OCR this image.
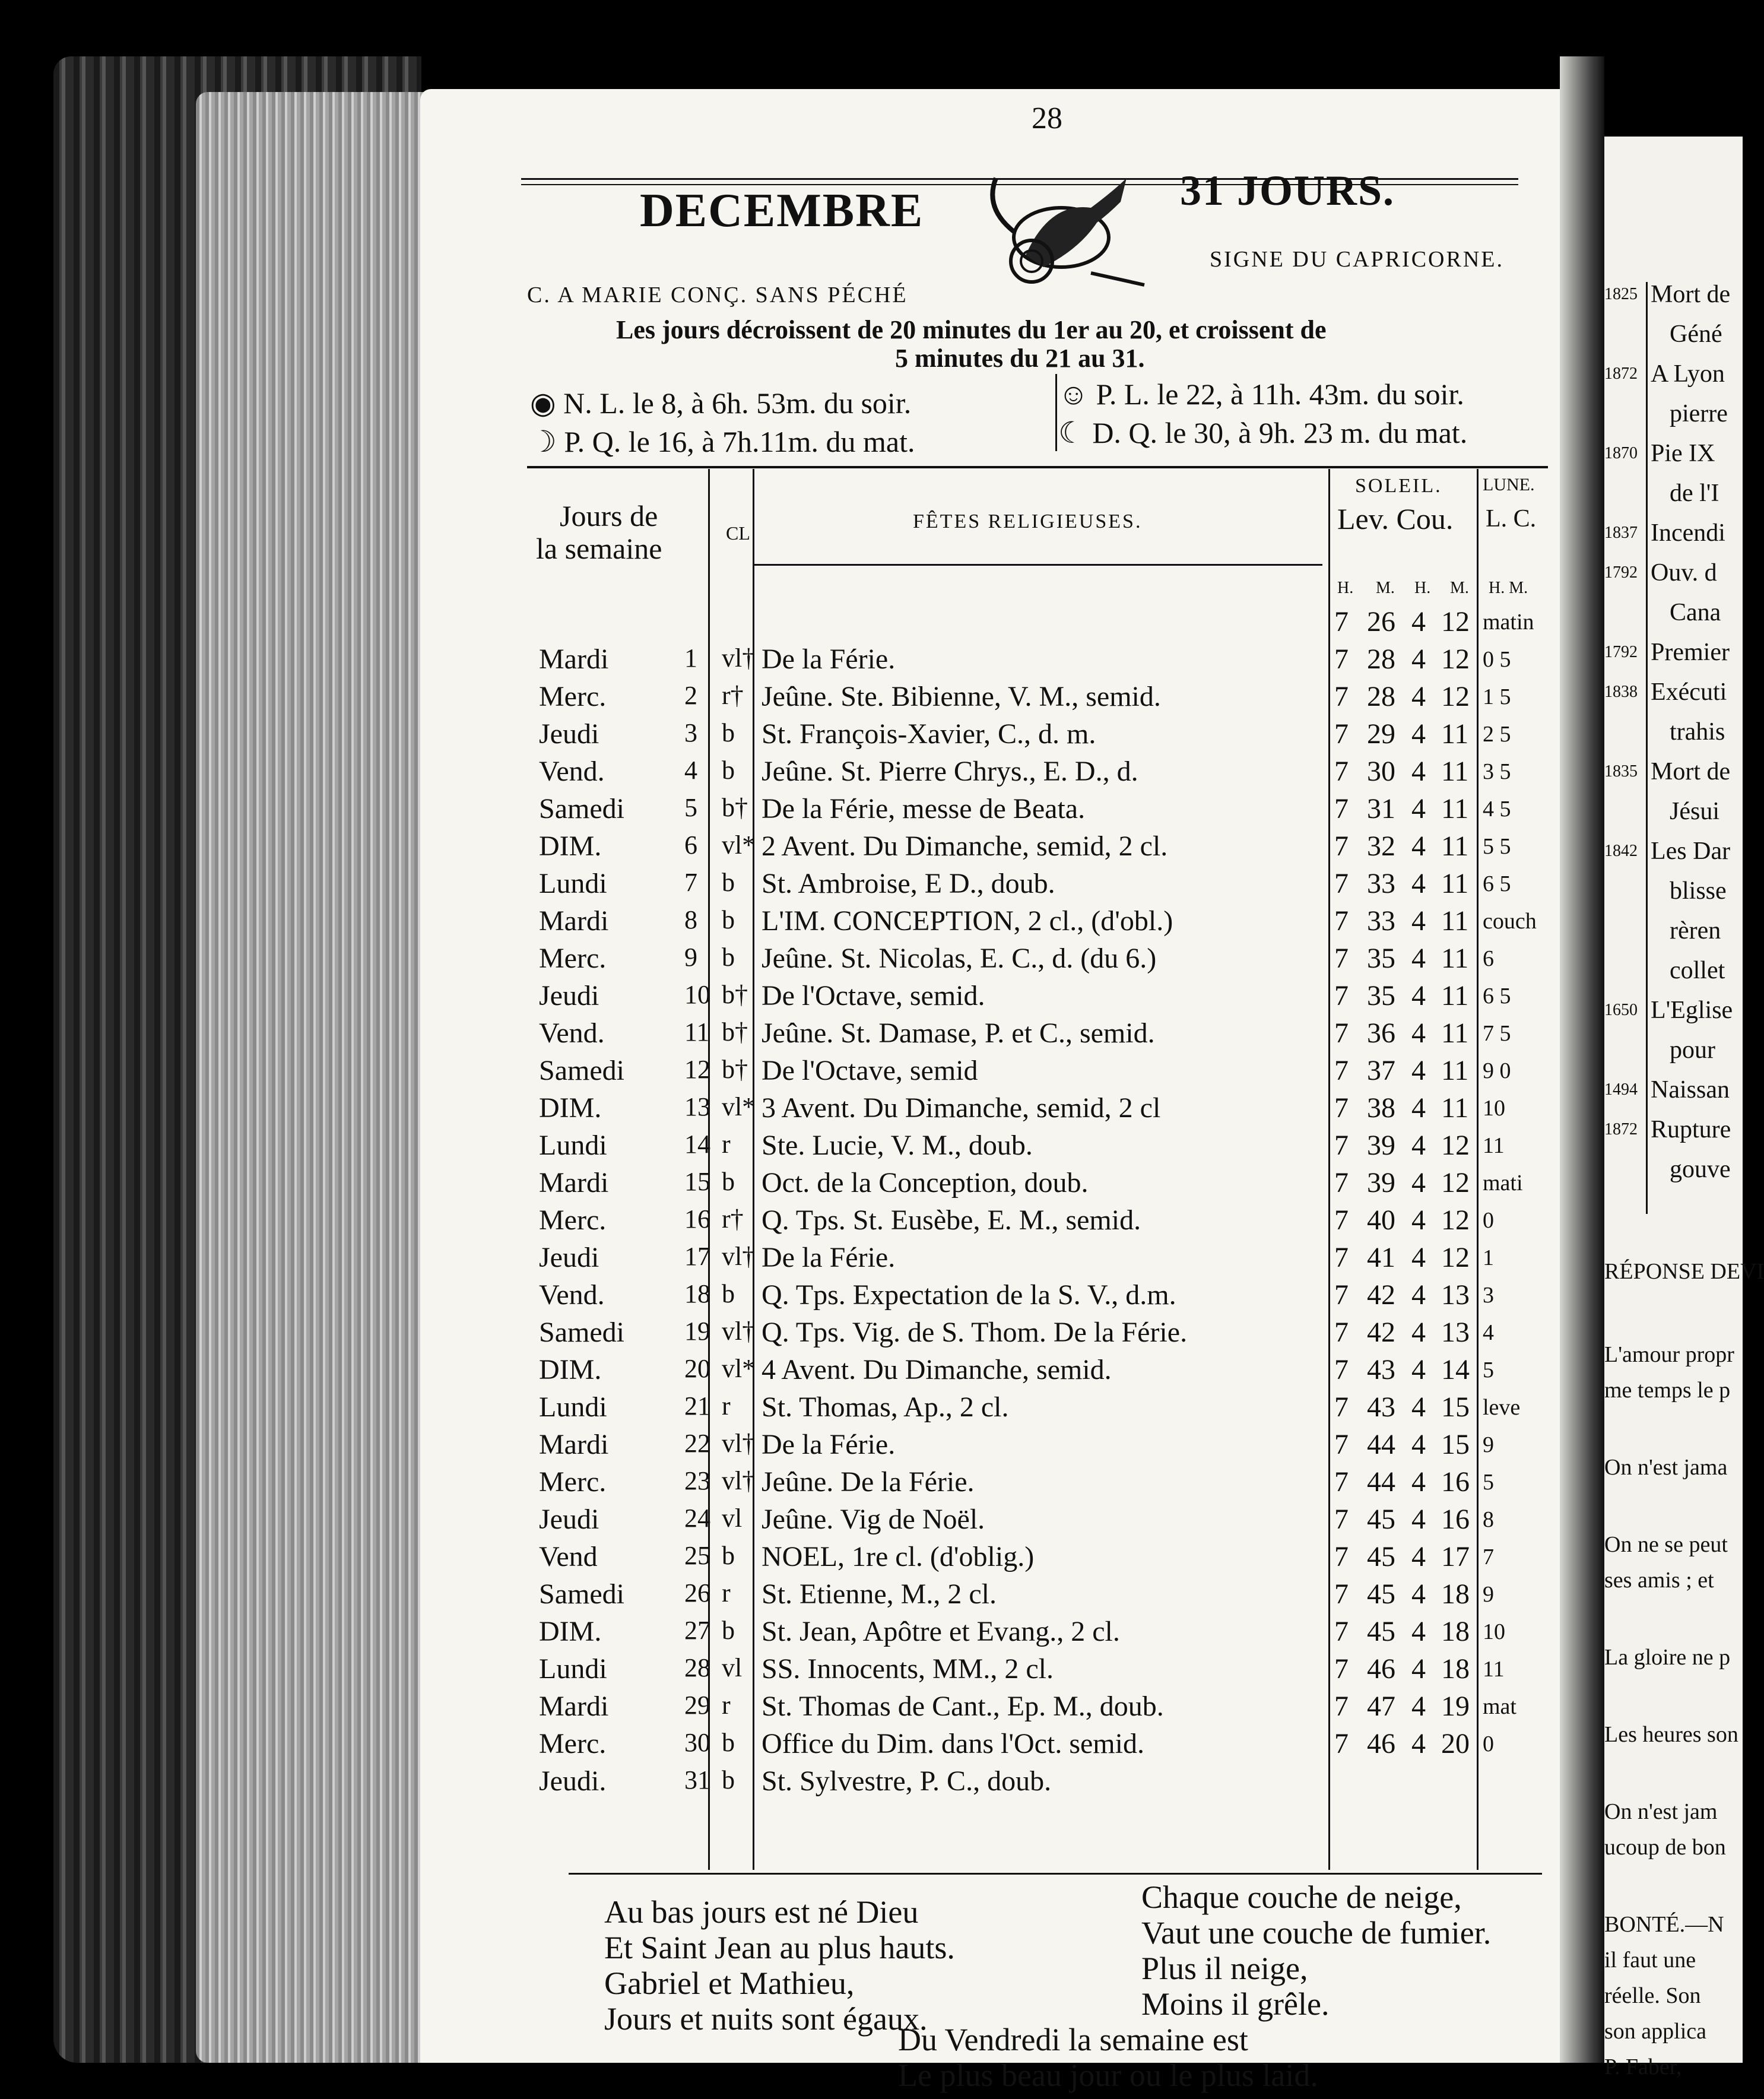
28
DECEMBRE	31 JOURS.
C. A MARIE CONÇ. SANS PÉCHÉ
SIGNE DU CAPRICORNE.
Les jours décroissent de 20 minutes du 1er au 20, et croissent de
5 minutes du 21 au 31.
◉ N. L. le 8, à 6h. 53m. du soir.
☽ P. Q. le 16, à 7h.11m. du mat.
☺ P. L. le 22, à 11h. 43m. du soir.
☾ D. Q. le 30, à 9h. 23 m. du mat.
Jours de
la semaine	CL
FÊTES RELIGIEUSES.
SOLEIL.
Lev. Cou.
LUNE.
L. C.
H. M. H. M. H. M.
7 26 4 12 matin
Mardi	1 vl† De la Férie.	7 28 4 12 0 5
Merc.	2 r† Jeûne. Ste. Bibienne, V. M., semid.	7 28 4 12 1 5
Jeudi	3 b St. François-Xavier, C., d. m.	7 29 4 11 2 5
Vend.	4 b Jeûne. St. Pierre Chrys., E. D., d.	7 30 4 11 3 5
Samedi 5 b† De la Férie, messe de Beata.	7 31 4 11 4 5
DIM.	6 vl* 2 Avent. Du Dimanche, semid, 2 cl.	7 32 4 11 5 5
Lundi	7 b St. Ambroise, E D., doub.	7 33 4 11 6 5
Mardi	8 b L'IM. CONCEPTION, 2 cl., (d'obl.)	7 33 4 11 couch
Merc.	9 b Jeûne. St. Nicolas, E. C., d. (du 6.)	7 35 4 11 6
Jeudi	10 b† De l'Octave, semid.	7 35 4 11 6 5
Vend.	11 b† Jeûne. St. Damase, P. et C., semid.	7 36 4 11 7 5
Samedi 12 b† De l'Octave, semid	7 37 4 11 9 0
DIM.	13 vl* 3 Avent. Du Dimanche, semid, 2 cl	7 38 4 11 10
Lundi	14 r Ste. Lucie, V. M., doub.	7 39 4 12 11
Mardi	15 b Oct. de la Conception, doub.	7 39 4 12 mati
Merc.	16 r† Q. Tps. St. Eusèbe, E. M., semid.	7 40 4 12 0
Jeudi	17 vl† De la Férie.	7 41 4 12 1
Vend.	18 b Q. Tps. Expectation de la S. V., d.m.	7 42 4 13 3
Samedi 19 vl† Q. Tps. Vig. de S. Thom. De la Férie.	7 42 4 13 4
DIM.	20 vl* 4 Avent. Du Dimanche, semid.	7 43 4 14 5
Lundi	21 r St. Thomas, Ap., 2 cl.	7 43 4 15 leve
Mardi	22 vl† De la Férie.	7 44 4 15 9
Merc.	23 vl† Jeûne. De la Férie.	7 44 4 16 5
Jeudi	24 vl Jeûne. Vig de Noël.	7 45 4 16 8
Vend	25 b NOEL, 1re cl. (d'oblig.)	7 45 4 17 7
Samedi 26 r St. Etienne, M., 2 cl.	7 45 4 18 9
DIM.	27 b St. Jean, Apôtre et Evang., 2 cl.	7 45 4 18 10
Lundi	28 vl SS. Innocents, MM., 2 cl.	7 46 4 18 11
Mardi	29 r St. Thomas de Cant., Ep. M., doub.	7 47 4 19 mat
Merc.	30 b Office du Dim. dans l'Oct. semid.	7 46 4 20 0
Jeudi.	31 b St. Sylvestre, P. C., doub.
Au bas jours est né Dieu
Et Saint Jean au plus hauts.
Gabriel et Mathieu,
Jours et nuits sont égaux.
Chaque couche de neige,
Vaut une couche de fumier.
Plus il neige,
Moins il grêle.
Du Vendredi la semaine est
Le plus beau jour ou le plus laid.
1825 Mort de
Géné
1872 A Lyon
pierre
1870 Pie IX
de l'I
1837 Incendi
1792 Ouv. d
Cana
1792 Premier
1838 Exécuti
trahis
1835 Mort de
Jésui
1842 Les Dar
blisse
rèren
collet
1650 L'Eglise
pour
1494 Naissan
1872 Rupture
gouve
RÉPONSE DEVI
L'amour propr
me temps le p
On n'est jama
On ne se peut
ses amis ; et
La gloire ne p
Les heures son
On n'est jam
ucoup de bon
BONTÉ.—N
il faut une
réelle. Son
son applica
P. Faber,
